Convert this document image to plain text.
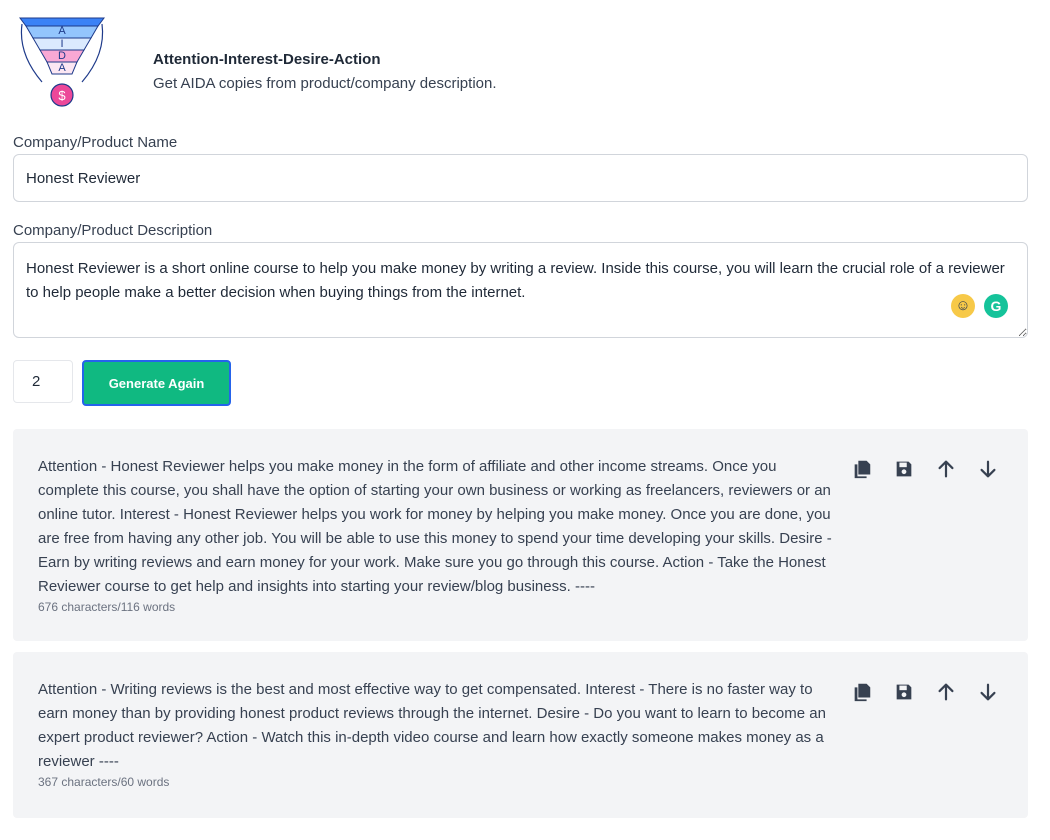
A
I
D
A
$
Attention-Interest-Desire-Action
Get AIDA copies from product/company description.
Company/Product Name
Honest Reviewer
Company/Product Description
Honest Reviewer is a short online course to help you make money by writing a review. Inside this course, you will learn the crucial role of a reviewer to help people make a better decision when buying things from the internet.
☺	G
2
Generate Again
Attention - Honest Reviewer helps you make money in the form of affiliate and other income streams. Once you complete this course, you shall have the option of starting your own business or working as freelancers, reviewers or an online tutor. Interest - Honest Reviewer helps you work for money by helping you make money. Once you are done, you are free from having any other job. You will be able to use this money to spend your time developing your skills. Desire - Earn by writing reviews and earn money for your work. Make sure you go through this course. Action - Take the Honest Reviewer course to get help and insights into starting your review/blog business. ----
676 characters/116 words
Attention - Writing reviews is the best and most effective way to get compensated. Interest - There is no faster way to earn money than by providing honest product reviews through the internet. Desire - Do you want to learn to become an expert product reviewer? Action - Watch this in-depth video course and learn how exactly someone makes money as a reviewer ----
367 characters/60 words
